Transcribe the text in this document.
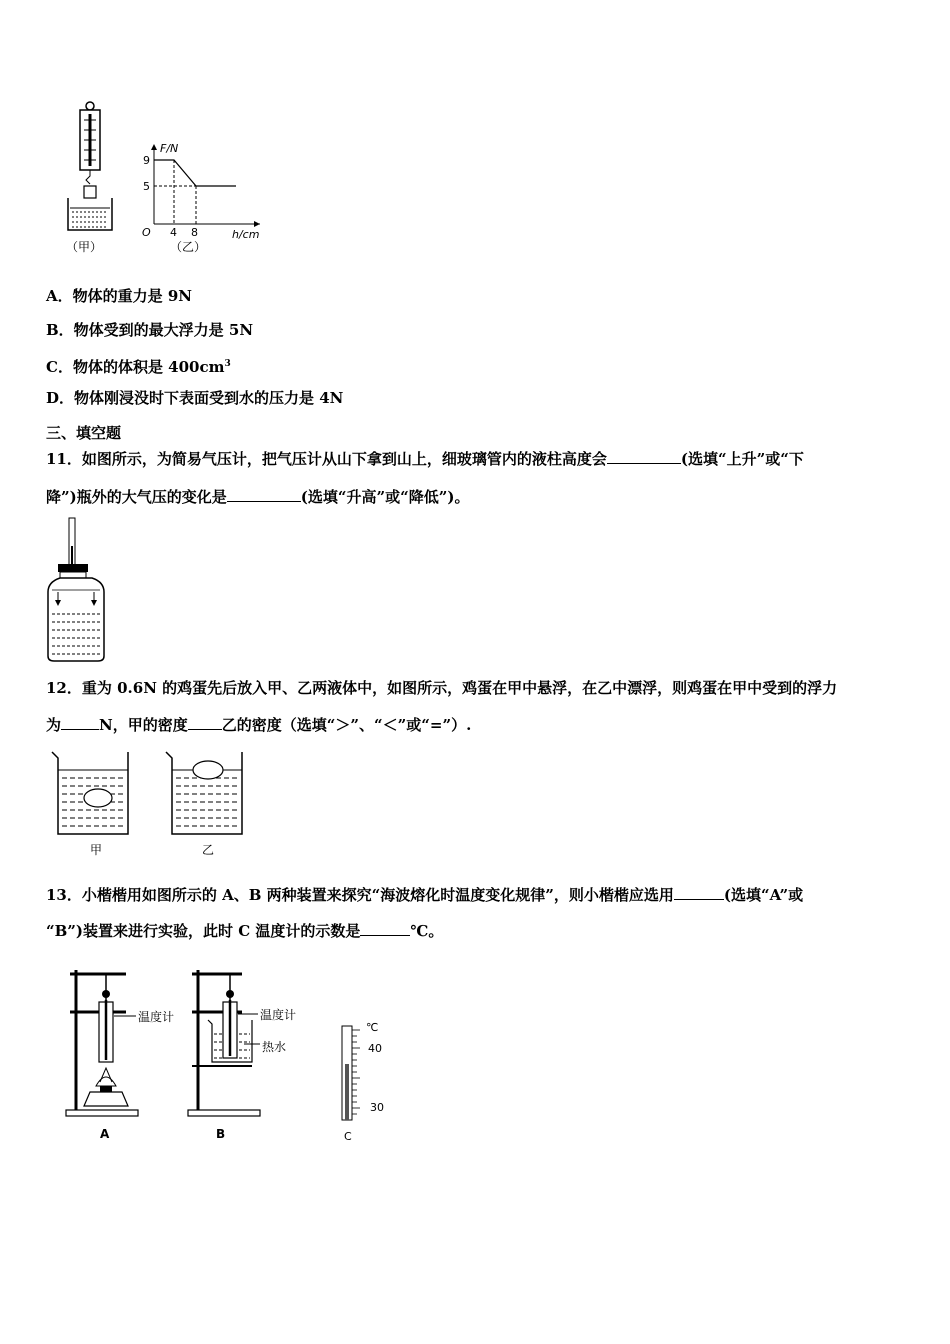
（甲）
F/N
h/cm
O
9
5
4 8
（乙）
A．物体的重力是 9N
B．物体受到的最大浮力是 5N
C．物体的体积是 $400cm^3$
D．物体刚浸没时下表面受到水的压力是 4N
三、填空题
11．如图所示，为简易气压计，把气压计从山下拿到山上，细玻璃管内的液柱高度会	(选填“上升”或“下
降”)瓶外的大气压的变化是	(选填“升高”或“降低”)。
12．重为 0.6N 的鸡蛋先后放入甲、乙两液体中，如图所示，鸡蛋在甲中悬浮，在乙中漂浮，则鸡蛋在甲中受到的浮力
为	N，甲的密度 乙的密度（选填“＞”、“＜”或“=”）.
甲	乙
13．小楷楷用如图所示的 A、B 两种装置来探究“海波熔化时温度变化规律”，则小楷楷应选用	(选填“A”或
“B”)装置来进行实验，此时 C 温度计的示数是	℃。
温度计
A
温度计
热水
B
℃
40
30
C
